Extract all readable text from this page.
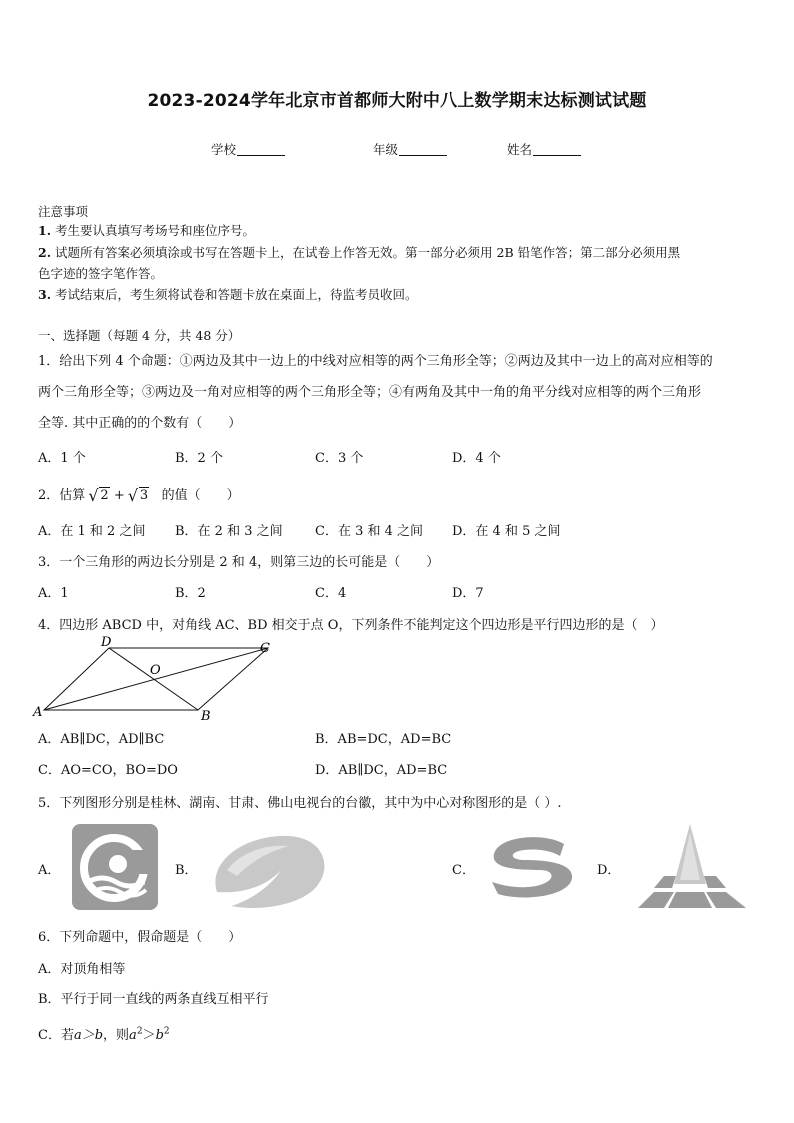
2023-2024学年北京市首都师大附中八上数学期末达标测试试题
学校	年级	姓名
注意事项
1. 考生要认真填写考场号和座位序号。
2. 试题所有答案必须填涂或书写在答题卡上，在试卷上作答无效。第一部分必须用 2B 铅笔作答；第二部分必须用黑
色字迹的签字笔作答。
3. 考试结束后，考生须将试卷和答题卡放在桌面上，待监考员收回。
一、选择题（每题 4 分，共 48 分）
1．给出下列 4 个命题：①两边及其中一边上的中线对应相等的两个三角形全等；②两边及其中一边上的高对应相等的
两个三角形全等；③两边及一角对应相等的两个三角形全等；④有两角及其中一角的角平分线对应相等的两个三角形
全等. 其中正确的的个数有（　　）
A．1 个	B．2 个	C．3 个	D．4 个
2．估算 √ 2 + √ 3 的值（　　）
A．在 1 和 2 之间 B．在 2 和 3 之间 C．在 3 和 4 之间 D．在 4 和 5 之间
3．一个三角形的两边长分别是 2 和 4，则第三边的长可能是（　　）
A．1	B．2	C．4	D．7
4．四边形 ABCD 中，对角线 AC、BD 相交于点 O，下列条件不能判定这个四边形是平行四边形的是（　）
A	B
C
D
O
A．AB∥DC，AD∥BC	B．AB=DC，AD=BC
C．AO=CO，BO=DO	D．AB∥DC，AD=BC
5．下列图形分别是桂林、湖南、甘肃、佛山电视台的台徽，其中为中心对称图形的是（ ）.
A．	B．	C．	D．
6．下列命题中，假命题是（　　）
A．对顶角相等
B．平行于同一直线的两条直线互相平行
C．若a＞b，则$a^2>b^2$
